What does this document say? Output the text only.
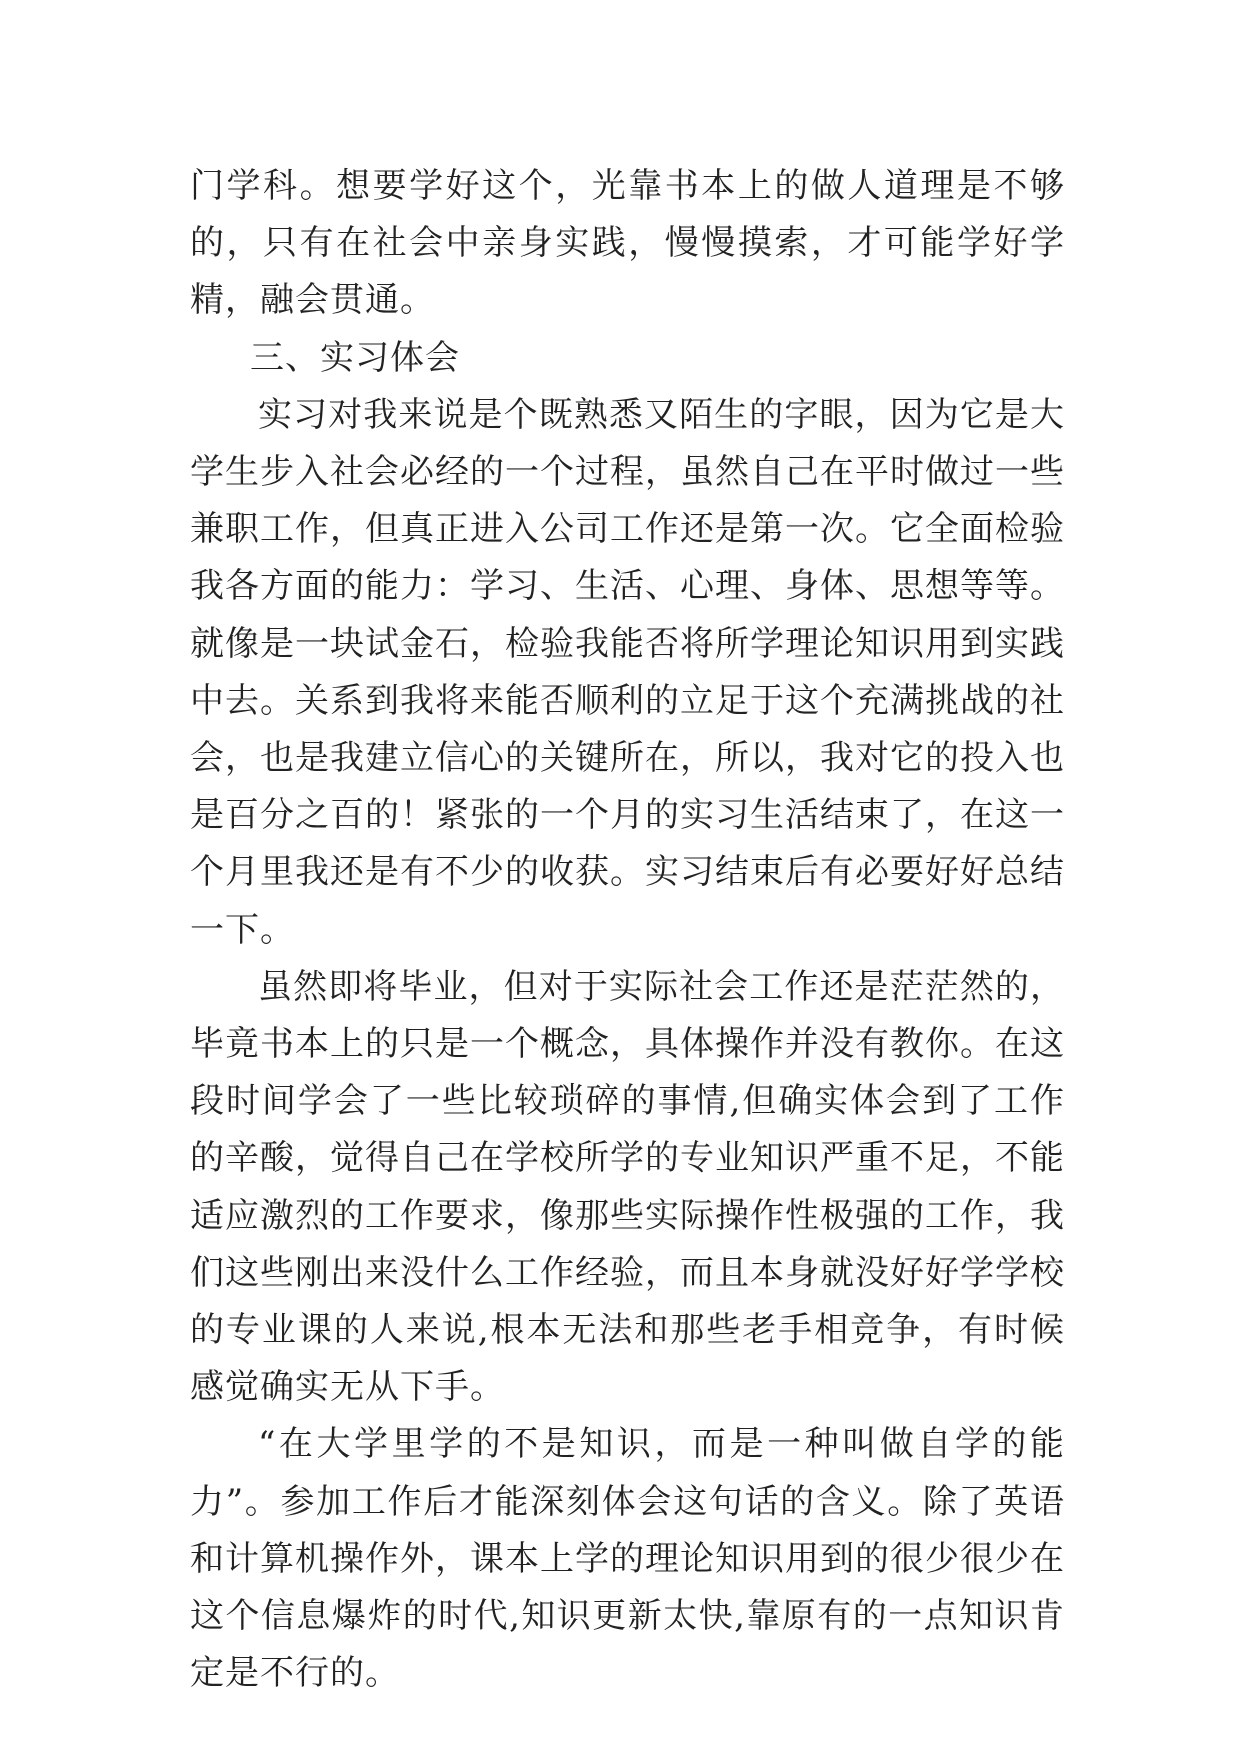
门学科。想要学好这个，光靠书本上的做人道理是不够的，只有在社会中亲身实践，慢慢摸索，才可能学好学精，融会贯通。

三、实习体会

实习对我来说是个既熟悉又陌生的字眼，因为它是大学生步入社会必经的一个过程，虽然自己在平时做过一些兼职工作，但真正进入公司工作还是第一次。它全面检验我各方面的能力：学习、生活、心理、身体、思想等等。就像是一块试金石，检验我能否将所学理论知识用到实践中去。关系到我将来能否顺利的立足于这个充满挑战的社会，也是我建立信心的关键所在，所以，我对它的投入也是百分之百的！紧张的一个月的实习生活结束了，在这一个月里我还是有不少的收获。实习结束后有必要好好总结一下。

虽然即将毕业，但对于实际社会工作还是茫茫然的，毕竟书本上的只是一个概念，具体操作并没有教你。在这段时间学会了一些比较琐碎的事情,但确实体会到了工作的辛酸，觉得自己在学校所学的专业知识严重不足，不能适应激烈的工作要求，像那些实际操作性极强的工作，我们这些刚出来没什么工作经验，而且本身就没好好学学校的专业课的人来说,根本无法和那些老手相竞争，有时候感觉确实无从下手。

“在大学里学的不是知识，而是一种叫做自学的能力”。参加工作后才能深刻体会这句话的含义。除了英语和计算机操作外，课本上学的理论知识用到的很少很少在这个信息爆炸的时代,知识更新太快,靠原有的一点知识肯定是不行的。
